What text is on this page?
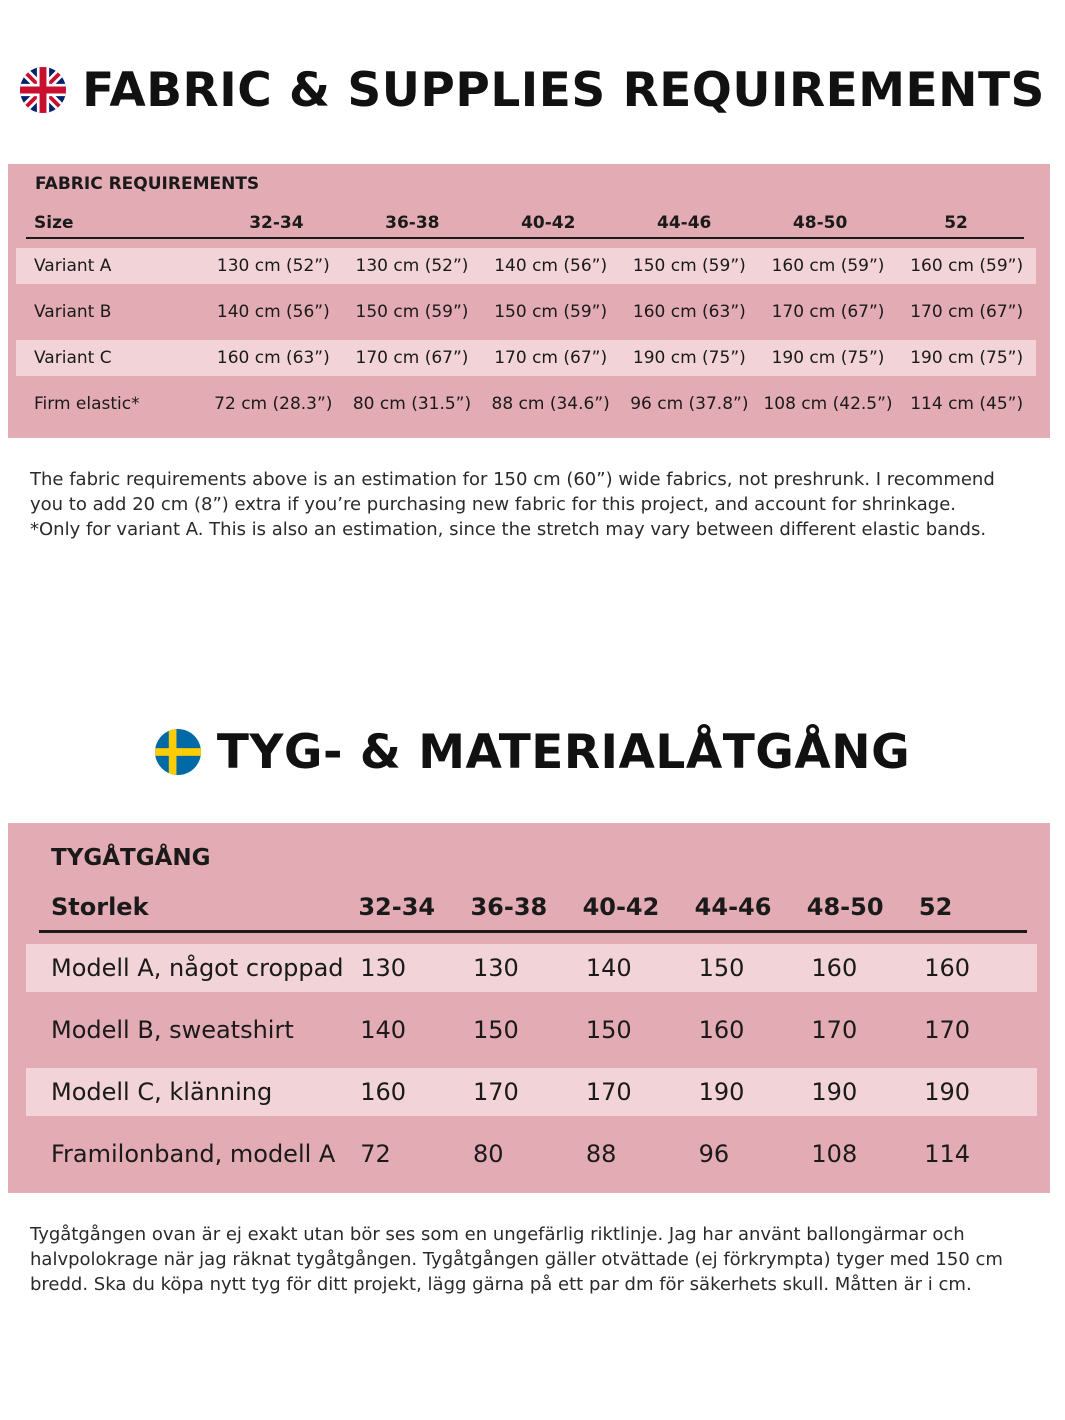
FABRIC & SUPPLIES REQUIREMENTS
FABRIC REQUIREMENTS
Size	32-34	36-38	40-42	44-46	48-50	52
Variant A	130 cm (52”)	130 cm (52”)	140 cm (56”)	150 cm (59”)	160 cm (59”)	160 cm (59”)
Variant B	140 cm (56”)	150 cm (59”)	150 cm (59”)	160 cm (63”)	170 cm (67”)	170 cm (67”)
Variant C	160 cm (63”)	170 cm (67”)	170 cm (67”)	190 cm (75”)	190 cm (75”)	190 cm (75”)
Firm elastic*	72 cm (28.3”)	80 cm (31.5”)	88 cm (34.6”)	96 cm (37.8”) 108 cm (42.5”)	114 cm (45”)

The fabric requirements above is an estimation for 150 cm (60”) wide fabrics, not preshrunk. I recommend

you to add 20 cm (8”) extra if you’re purchasing new fabric for this project, and account for shrinkage.

*Only for variant A. This is also an estimation, since the stretch may vary between different elastic bands.

TYG- & MATERIALÅTGÅNG
TYGÅTGÅNG
Storlek	32-34	36-38	40-42	44-46	48-50	52
Modell A, något croppad 130	130	140	150	160	160
Modell B, sweatshirt	140	150	150	160	170	170
Modell C, klänning	160	170	170	190	190	190
Framilonband, modell A	72	80	88	96	108	114

Tygåtgången ovan är ej exakt utan bör ses som en ungefärlig riktlinje. Jag har använt ballongärmar och

halvpolokrage när jag räknat tygåtgången. Tygåtgången gäller otvättade (ej förkrympta) tyger med 150 cm

bredd. Ska du köpa nytt tyg för ditt projekt, lägg gärna på ett par dm för säkerhets skull. Måtten är i cm.
